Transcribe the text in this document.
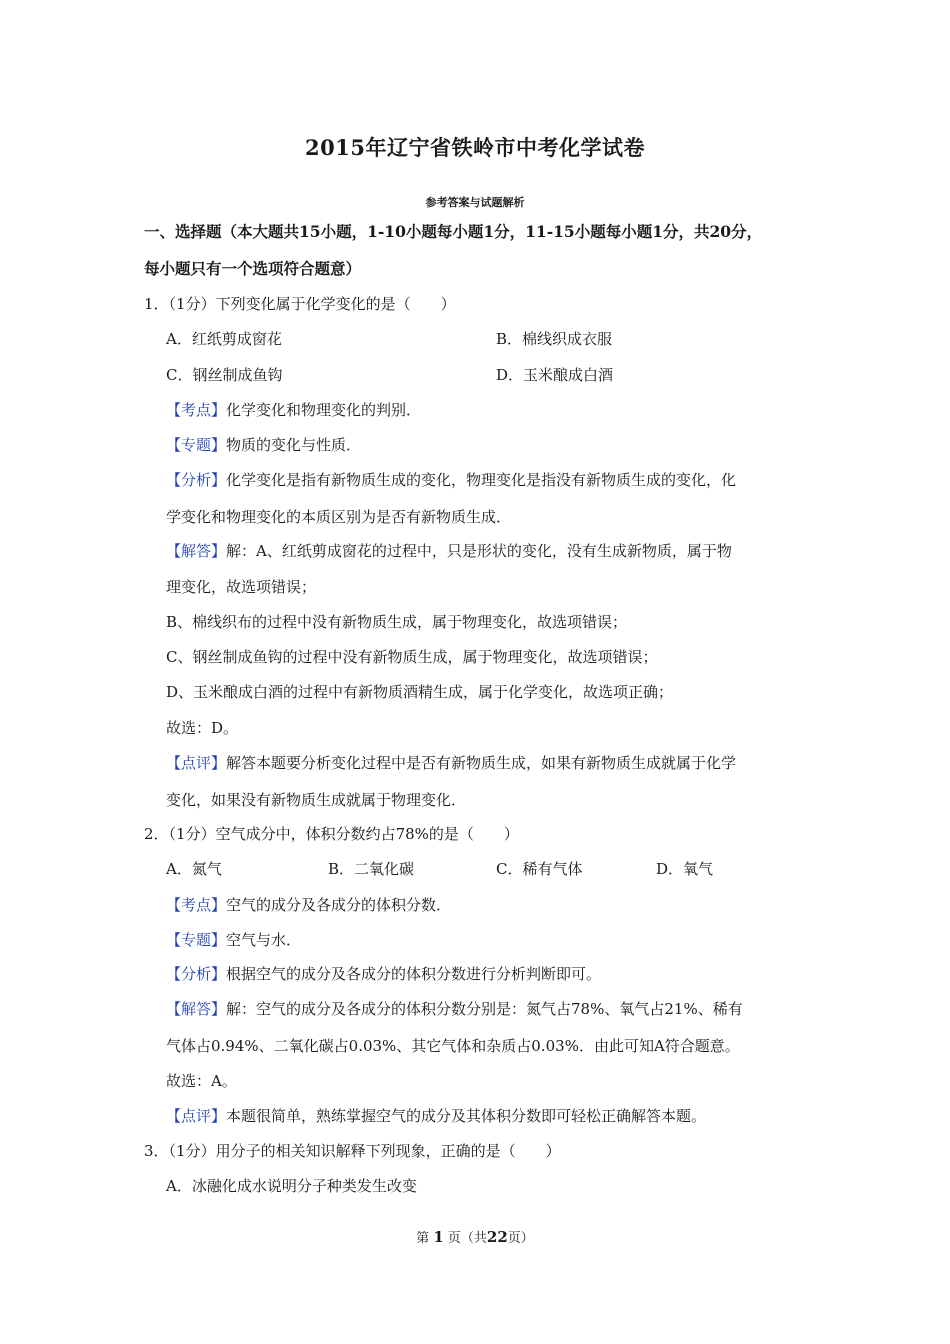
2015年辽宁省铁岭市中考化学试卷
参考答案与试题解析
一、选择题（本大题共15小题，1-10小题每小题1分，11-15小题每小题1分，共20分，
每小题只有一个选项符合题意）
1．（1分）下列变化属于化学变化的是（　　）
A．红纸剪成窗花	B．棉线织成衣服
C．钢丝制成鱼钩	D．玉米酿成白酒
【考点】化学变化和物理变化的判别．
【专题】物质的变化与性质．
【分析】化学变化是指有新物质生成的变化，物理变化是指没有新物质生成的变化，化
学变化和物理变化的本质区别为是否有新物质生成．
【解答】解：A、红纸剪成窗花的过程中，只是形状的变化，没有生成新物质，属于物
理变化，故选项错误；
B、棉线织布的过程中没有新物质生成，属于物理变化，故选项错误；
C、钢丝制成鱼钩的过程中没有新物质生成，属于物理变化，故选项错误；
D、玉米酿成白酒的过程中有新物质酒精生成，属于化学变化，故选项正确；
故选：D。
【点评】解答本题要分析变化过程中是否有新物质生成，如果有新物质生成就属于化学
变化，如果没有新物质生成就属于物理变化．
2．（1分）空气成分中，体积分数约占78%的是（　　）
A．氮气	B．二氧化碳	C．稀有气体	D．氧气
【考点】空气的成分及各成分的体积分数．
【专题】空气与水．
【分析】根据空气的成分及各成分的体积分数进行分析判断即可。
【解答】解：空气的成分及各成分的体积分数分别是：氮气占78%、氧气占21%、稀有
气体占0.94%、二氧化碳占0.03%、其它气体和杂质占0.03%．由此可知A符合题意。
故选：A。
【点评】本题很简单，熟练掌握空气的成分及其体积分数即可轻松正确解答本题。
3．（1分）用分子的相关知识解释下列现象，正确的是（　　）
A．冰融化成水说明分子种类发生改变
第 1 页（共22页）
